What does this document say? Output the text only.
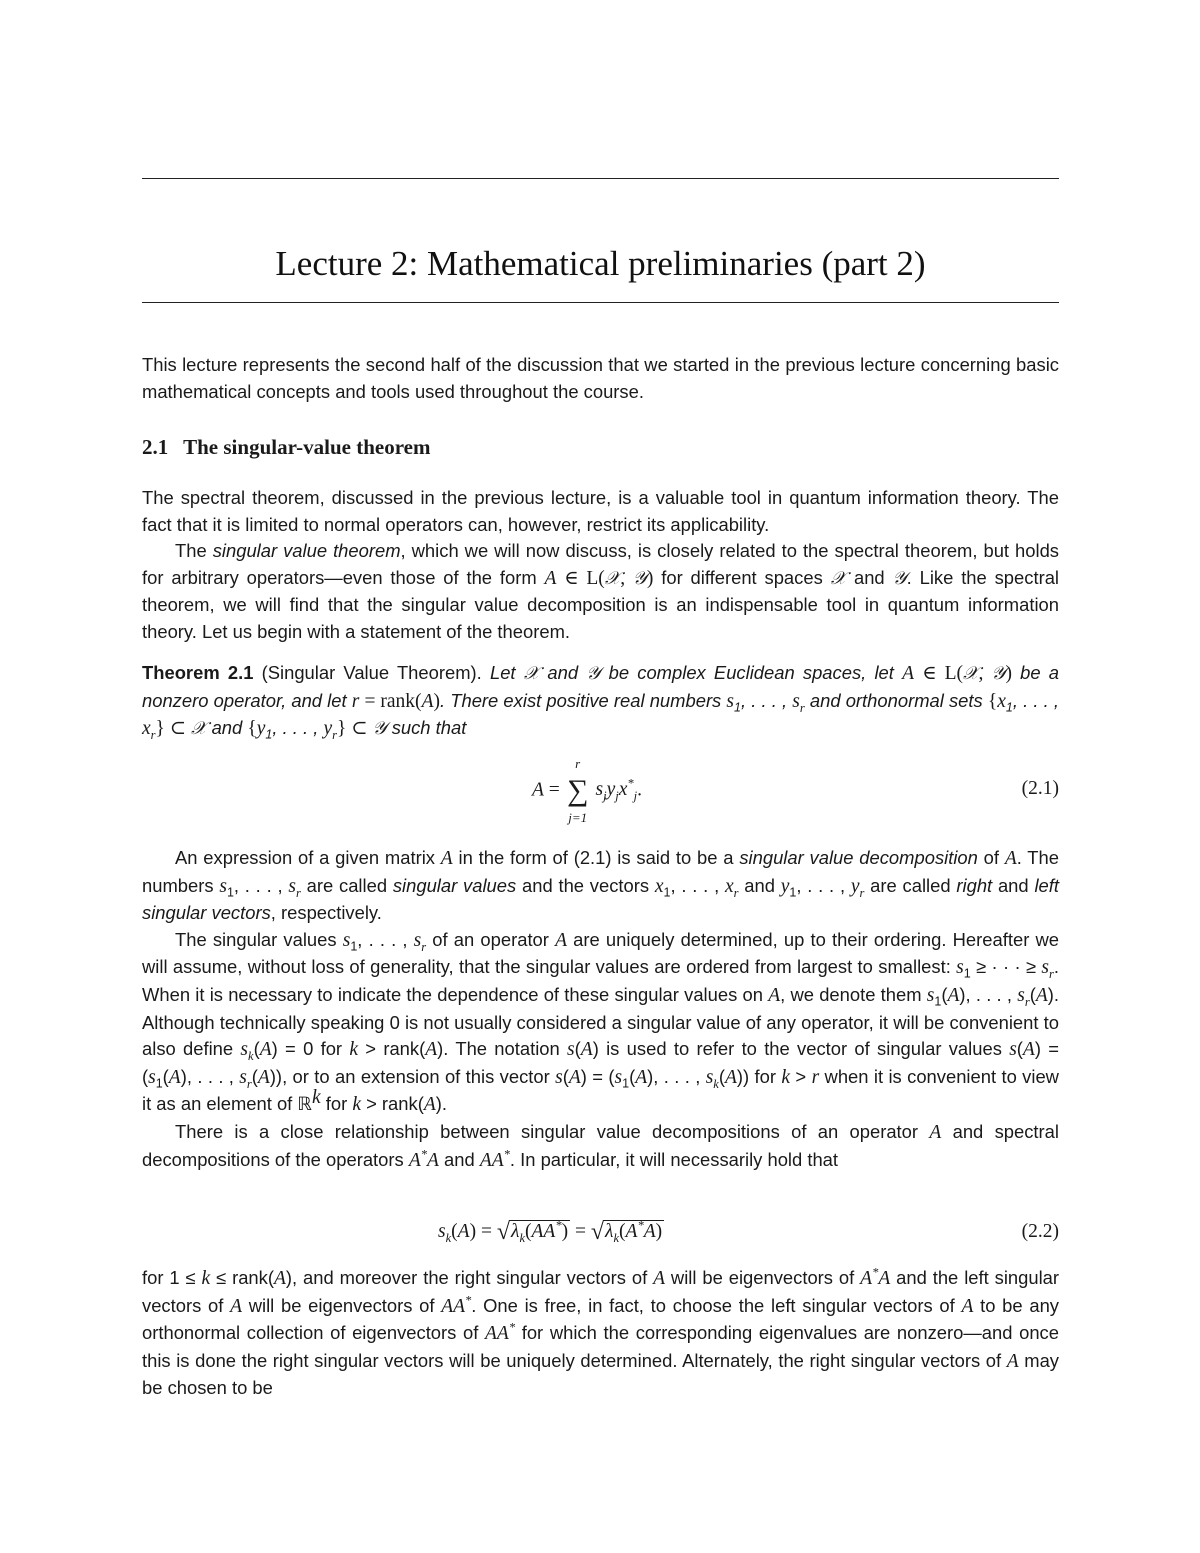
Lecture 2: Mathematical preliminaries (part 2)

This lecture represents the second half of the discussion that we started in the previous lecture concerning basic mathematical concepts and tools used throughout the course.

2.1 The singular-value theorem

The spectral theorem, discussed in the previous lecture, is a valuable tool in quantum information theory. The fact that it is limited to normal operators can, however, restrict its applicability.

The singular value theorem, which we will now discuss, is closely related to the spectral theorem, but holds for arbitrary operators—even those of the form A ∈ L(𝒳, 𝒴) for different spaces 𝒳 and 𝒴. Like the spectral theorem, we will find that the singular value decomposition is an indispensable tool in quantum information theory. Let us begin with a statement of the theorem.

Theorem 2.1 (Singular Value Theorem). Let 𝒳 and 𝒴 be complex Euclidean spaces, let A ∈ L(𝒳, 𝒴) be a nonzero operator, and let r = rank(A). There exist positive real numbers $s_1$, . . . , $s_r$ and orthonormal sets {$x_1$, . . . , $x_r$} ⊂ 𝒳 and {$y_1$, . . . , $y_r$} ⊂ 𝒴 such that

A =
r
∑
j=1
$s_jy_jx^*_j$.	(2.1)

An expression of a given matrix A in the form of (2.1) is said to be a singular value decomposition of A. The numbers $s_1$, . . . , $s_r$ are called singular values and the vectors $x_1$, . . . , $x_r$ and $y_1$, . . . , $y_r$ are called right and left singular vectors, respectively.

The singular values $s_1$, . . . , $s_r$ of an operator A are uniquely determined, up to their ordering. Hereafter we will assume, without loss of generality, that the singular values are ordered from largest to smallest: $s_1$ ≥ · · · ≥ $s_r$. When it is necessary to indicate the dependence of these singular values on A, we denote them $s_1(A)$, . . . , $s_r(A)$. Although technically speaking 0 is not usually considered a singular value of any operator, it will be convenient to also define $s_k(A) = 0$ for k > rank(A). The notation s(A) is used to refer to the vector of singular values $s(A) = (s_1(A)$, . . . , $s_r(A)$), or to an extension of this vector $s(A) = (s_1(A)$, . . . , $s_k(A)$) for k > r when it is convenient to view it as an element of ℝ$^k$ for k > rank(A).

There is a close relationship between singular value decompositions of an operator A and spectral decompositions of the operators A*A and AA*. In particular, it will necessarily hold that

$s_k(A) = √\lambda_k(AA^*) = √\lambda_k(A^*A)$	(2.2)

for 1 ≤ k ≤ rank(A), and moreover the right singular vectors of A will be eigenvectors of A*A and the left singular vectors of A will be eigenvectors of AA*. One is free, in fact, to choose the left singular vectors of A to be any orthonormal collection of eigenvectors of AA* for which the corresponding eigenvalues are nonzero—and once this is done the right singular vectors will be uniquely determined. Alternately, the right singular vectors of A may be chosen to be
